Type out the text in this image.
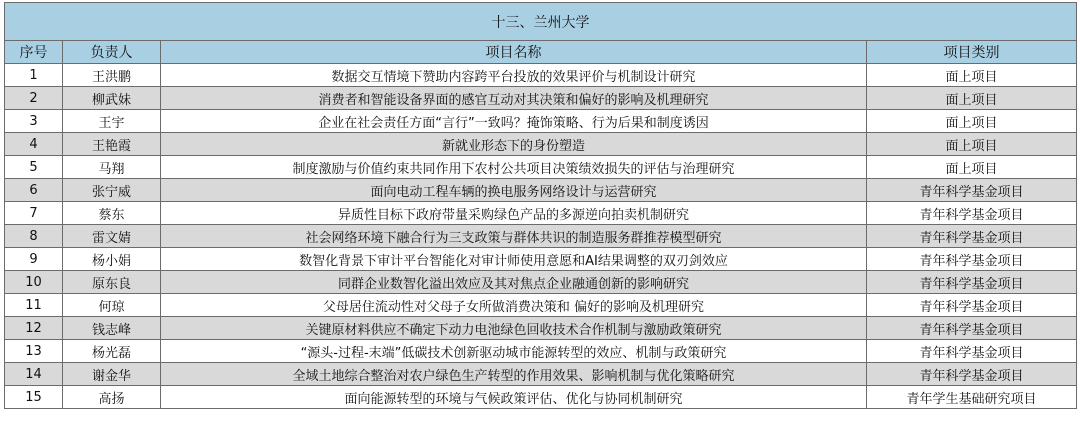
十三、兰州大学			
序号	负责人	项目名称	项目类别
1	王洪鹏	数据交互情境下赞助内容跨平台投放的效果评价与机制设计研究	面上项目
2	柳武妹	消费者和智能设备界面的感官互动对其决策和偏好的影响及机理研究	面上项目
3	王宇	企业在社会责任方面“言行”一致吗？掩饰策略、行为后果和制度诱因	面上项目
4	王艳霞	新就业形态下的身份塑造	面上项目
5	马翔	制度激励与价值约束共同作用下农村公共项目决策绩效损失的评估与治理研究	面上项目
6	张宁威	面向电动工程车辆的换电服务网络设计与运营研究	青年科学基金项目
7	蔡东	异质性目标下政府带量采购绿色产品的多源逆向拍卖机制研究	青年科学基金项目
8	雷文婧	社会网络环境下融合行为三支政策与群体共识的制造服务群推荐模型研究	青年科学基金项目
9	杨小娟	数智化背景下审计平台智能化对审计师使用意愿和AI结果调整的双刃剑效应	青年科学基金项目
10	原东良	同群企业数智化溢出效应及其对焦点企业融通创新的影响研究	青年科学基金项目
11	何琼	父母居住流动性对父母子女所做消费决策和 偏好的影响及机理研究	青年科学基金项目
12	钱志峰	关键原材料供应不确定下动力电池绿色回收技术合作机制与激励政策研究	青年科学基金项目
13	杨光磊	“源头-过程-末端”低碳技术创新驱动城市能源转型的效应、机制与政策研究	青年科学基金项目
14	谢金华	全域土地综合整治对农户绿色生产转型的作用效果、影响机制与优化策略研究	青年科学基金项目
15	高扬	面向能源转型的环境与气候政策评估、优化与协同机制研究	青年学生基础研究项目
